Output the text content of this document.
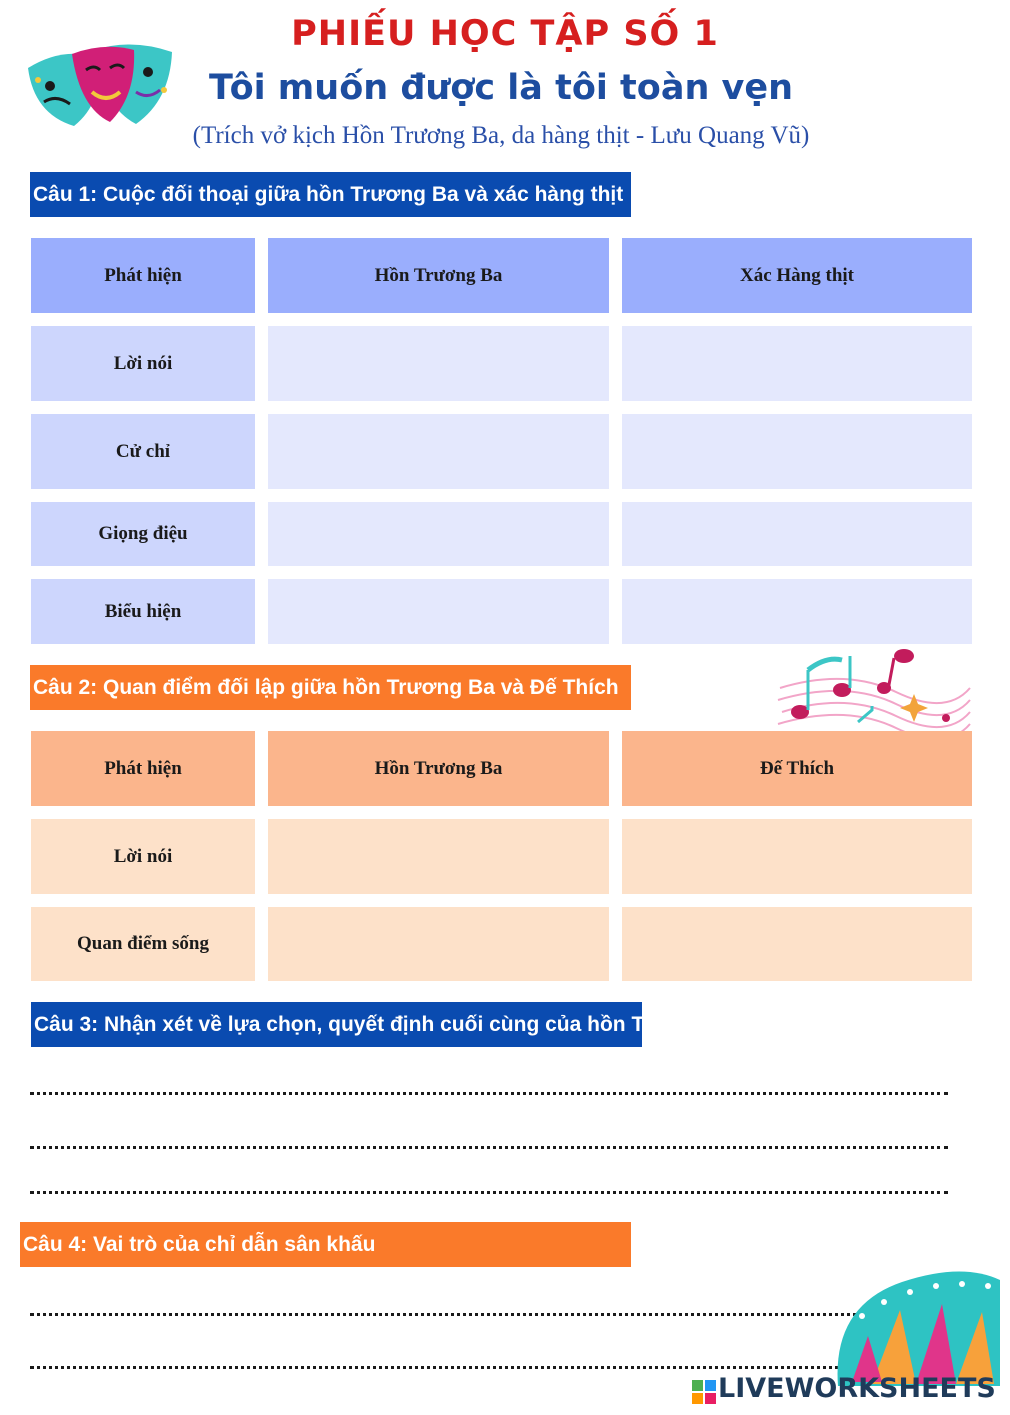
PHIẾU HỌC TẬP SỐ 1
Tôi muốn được là tôi toàn vẹn
(Trích vở kịch Hồn Trương Ba, da hàng thịt - Lưu Quang Vũ)
Câu 1: Cuộc đối thoại giữa hồn Trương Ba và xác hàng thịt
Phát hiện	Hồn Trương Ba	Xác Hàng thịt
Lời nói
Cử chỉ
Giọng điệu
Biểu hiện
Câu 2: Quan điểm đối lập giữa hồn Trương Ba và Đế Thích
Phát hiện	Hồn Trương Ba	Đế Thích
Lời nói
Quan điểm sống
Câu 3: Nhận xét về lựa chọn, quyết định cuối cùng của hồn Trương Ba
Câu 4: Vai trò của chỉ dẫn sân khấu
LIVEWORKSHEETS
